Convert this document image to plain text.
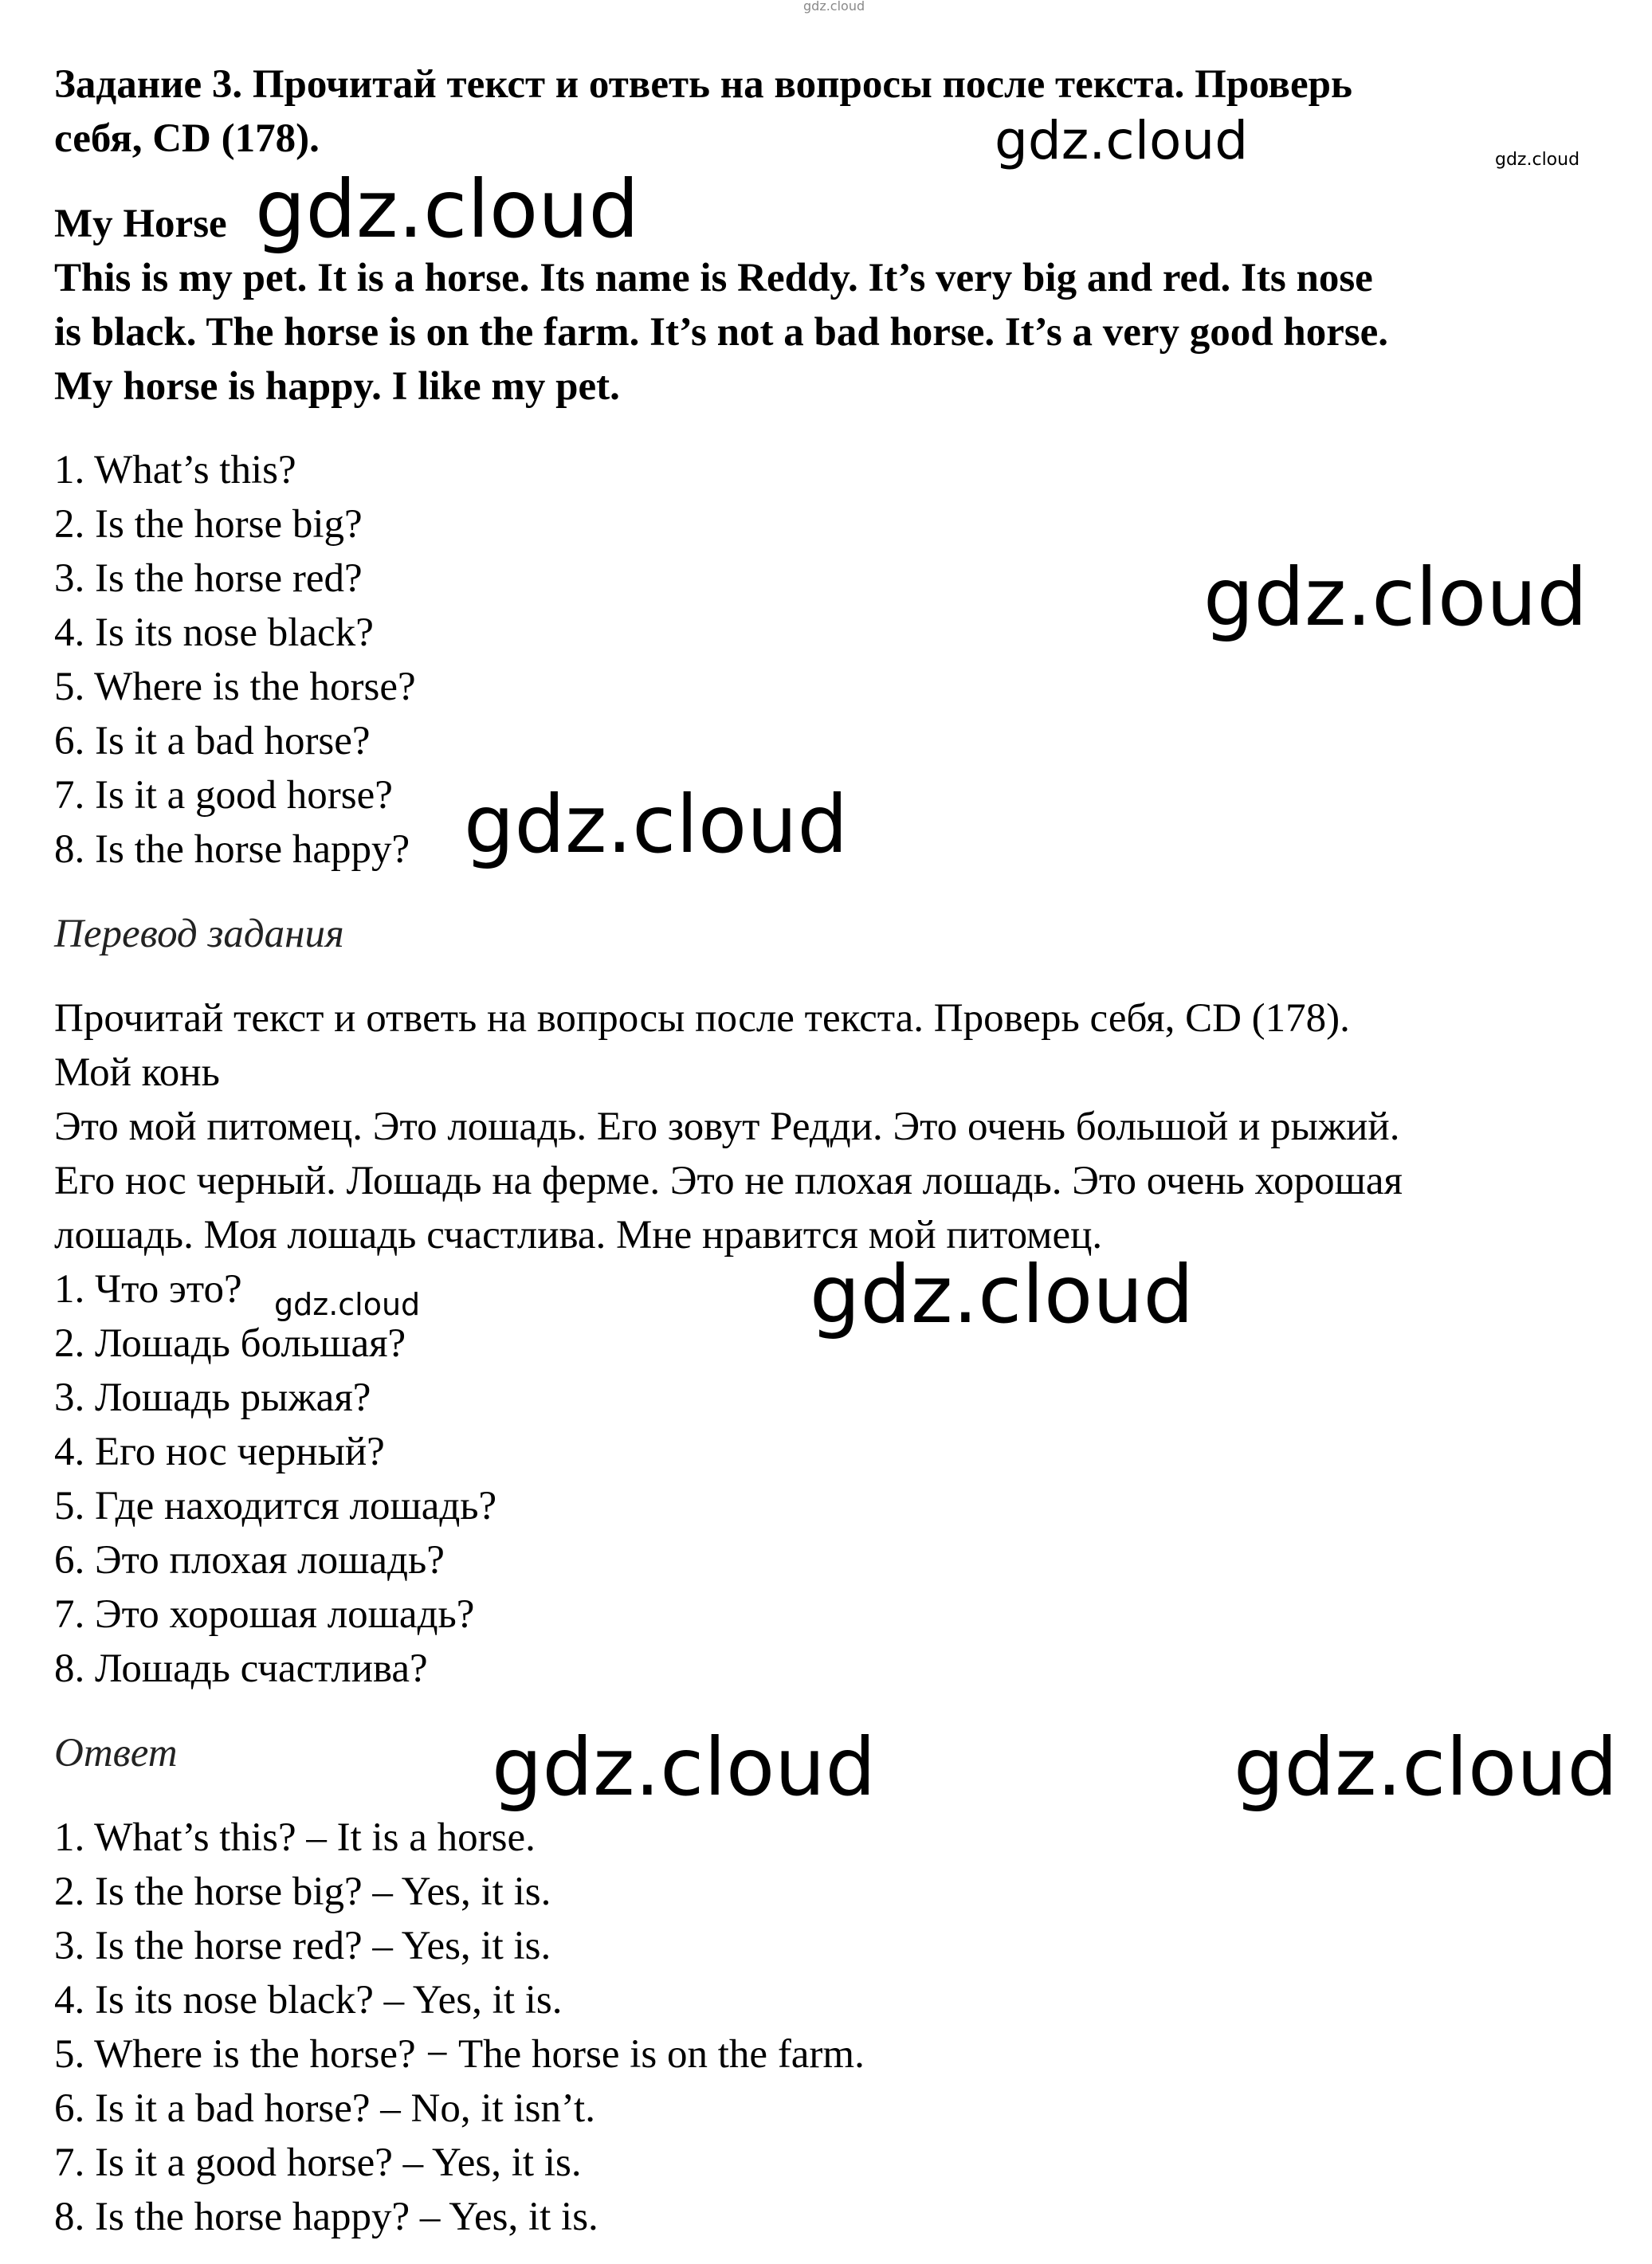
gdz.cloud
gdz.cloud	gdz.cloud
gdz.cloud
gdz.cloud
gdz.cloud
gdz.cloud	gdz.cloud
gdz.cloud	gdz.cloud
Задание 3. Прочитай текст и ответь на вопросы после текста. Проверь
себя, CD (178).
My Horse
This is my pet. It is a horse. Its name is Reddy. It’s very big and red. Its nose
is black. The horse is on the farm. It’s not a bad horse. It’s a very good horse.
My horse is happy. I like my pet.
1. What’s this?
2. Is the horse big?
3. Is the horse red?
4. Is its nose black?
5. Where is the horse?
6. Is it a bad horse?
7. Is it a good horse?
8. Is the horse happy?
Перевод задания
Прочитай текст и ответь на вопросы после текста. Проверь себя, CD (178).
Мой конь
Это мой питомец. Это лошадь. Его зовут Редди. Это очень большой и рыжий.
Его нос черный. Лошадь на ферме. Это не плохая лошадь. Это очень хорошая
лошадь. Моя лошадь счастлива. Мне нравится мой питомец.
1. Что это?
2. Лошадь большая?
3. Лошадь рыжая?
4. Его нос черный?
5. Где находится лошадь?
6. Это плохая лошадь?
7. Это хорошая лошадь?
8. Лошадь счастлива?
Ответ
1. What’s this? – It is a horse.
2. Is the horse big? – Yes, it is.
3. Is the horse red? – Yes, it is.
4. Is its nose black? – Yes, it is.
5. Where is the horse? − The horse is on the farm.
6. Is it a bad horse? – No, it isn’t.
7. Is it a good horse? – Yes, it is.
8. Is the horse happy? – Yes, it is.
